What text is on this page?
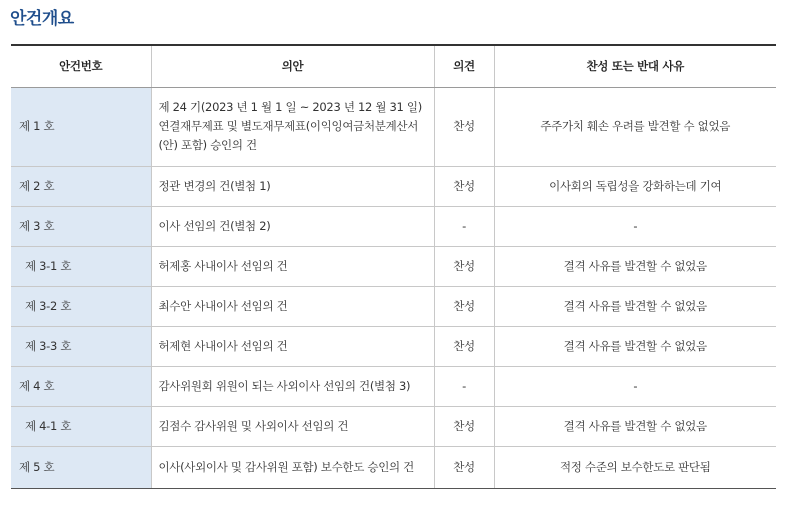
안건개요
안건번호	의안	의견	찬성 또는 반대 사유
제 1 호	제 24 기(2023 년 1 월 1 일 ~ 2023 년 12 월 31 일) 연결재무제표 및 별도재무제표(이익잉여금처분계산서(안) 포함) 승인의 건	찬성	주주가치 훼손 우려를 발견할 수 없었음
제 2 호	정관 변경의 건(별첨 1)	찬성	이사회의 독립성을 강화하는데 기여
제 3 호	이사 선임의 건(별첨 2)	-	-
제 3-1 호	허제홍 사내이사 선임의 건	찬성	결격 사유를 발견할 수 없었음
제 3-2 호	최수안 사내이사 선임의 건	찬성	결격 사유를 발견할 수 없었음
제 3-3 호	허제현 사내이사 선임의 건	찬성	결격 사유를 발견할 수 없었음
제 4 호	감사위원회 위원이 되는 사외이사 선임의 건(별첨 3)	-	-
제 4-1 호	김점수 감사위원 및 사외이사 선임의 건	찬성	결격 사유를 발견할 수 없었음
제 5 호	이사(사외이사 및 감사위원 포함) 보수한도 승인의 건	찬성	적정 수준의 보수한도로 판단됨
